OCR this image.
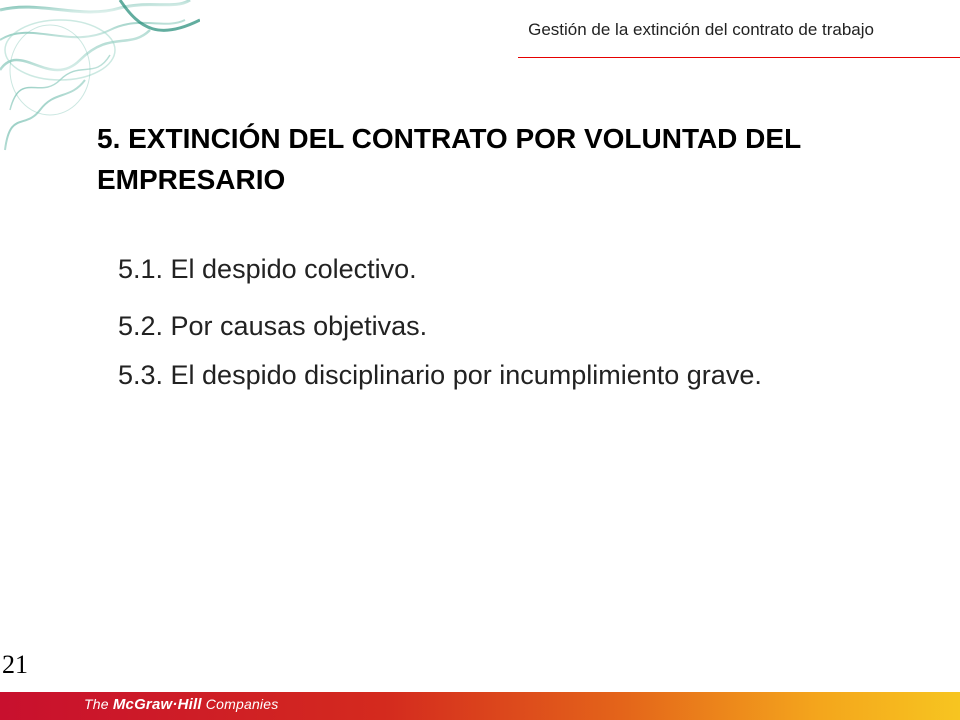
Gestión de la extinción del contrato de trabajo
5. EXTINCIÓN DEL CONTRATO POR VOLUNTAD DEL EMPRESARIO
5.1. El despido colectivo.
5.2. Por causas objetivas.
5.3. El despido disciplinario por incumplimiento grave.
21
The McGraw·Hill Companies
